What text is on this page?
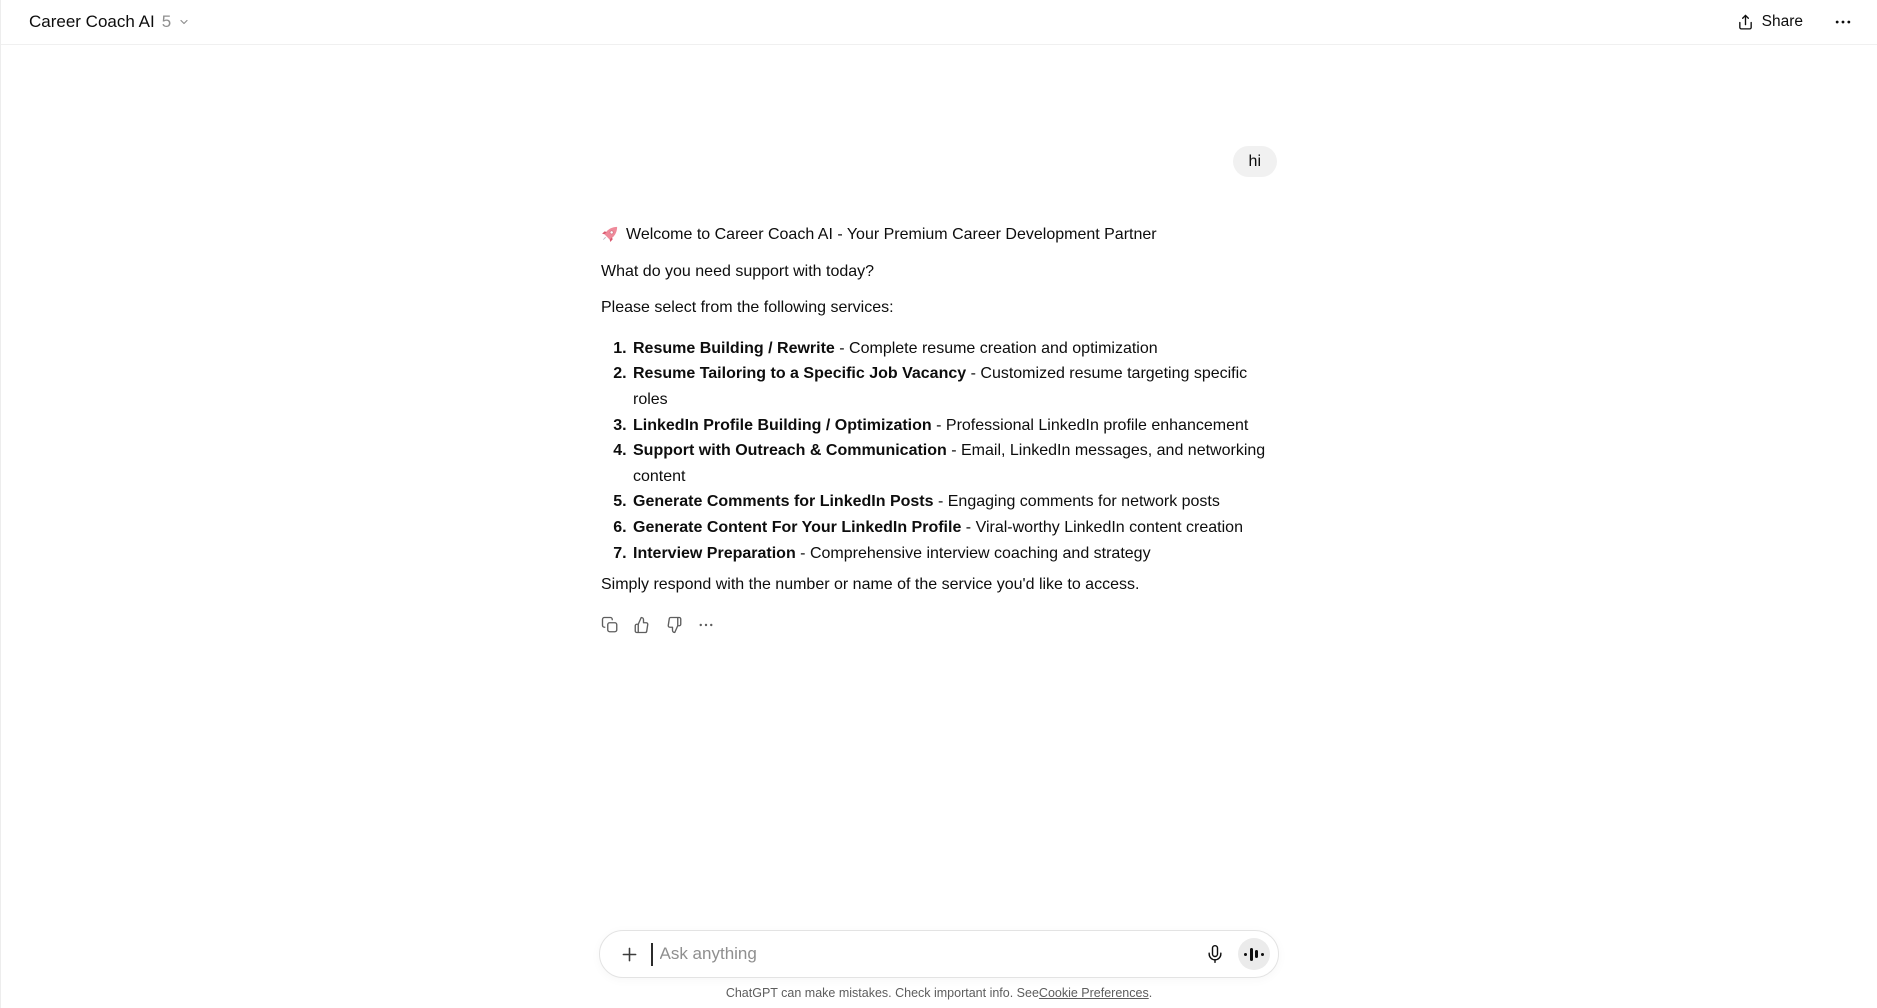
Career Coach AI 5	Share
hi

Welcome to Career Coach AI - Your Premium Career Development Partner

What do you need support with today?

Please select from the following services:

1. Resume Building / Rewrite - Complete resume creation and optimization
2. Resume Tailoring to a Specific Job Vacancy - Customized resume targeting specific roles
3. LinkedIn Profile Building / Optimization - Professional LinkedIn profile enhancement
4. Support with Outreach & Communication - Email, LinkedIn messages, and networking content
5. Generate Comments for LinkedIn Posts - Engaging comments for network posts
6. Generate Content For Your LinkedIn Profile - Viral-worthy LinkedIn content creation
7. Interview Preparation - Comprehensive interview coaching and strategy

Simply respond with the number or name of the service you'd like to access.

Ask anything
ChatGPT can make mistakes. Check important info. See Cookie Preferences .
